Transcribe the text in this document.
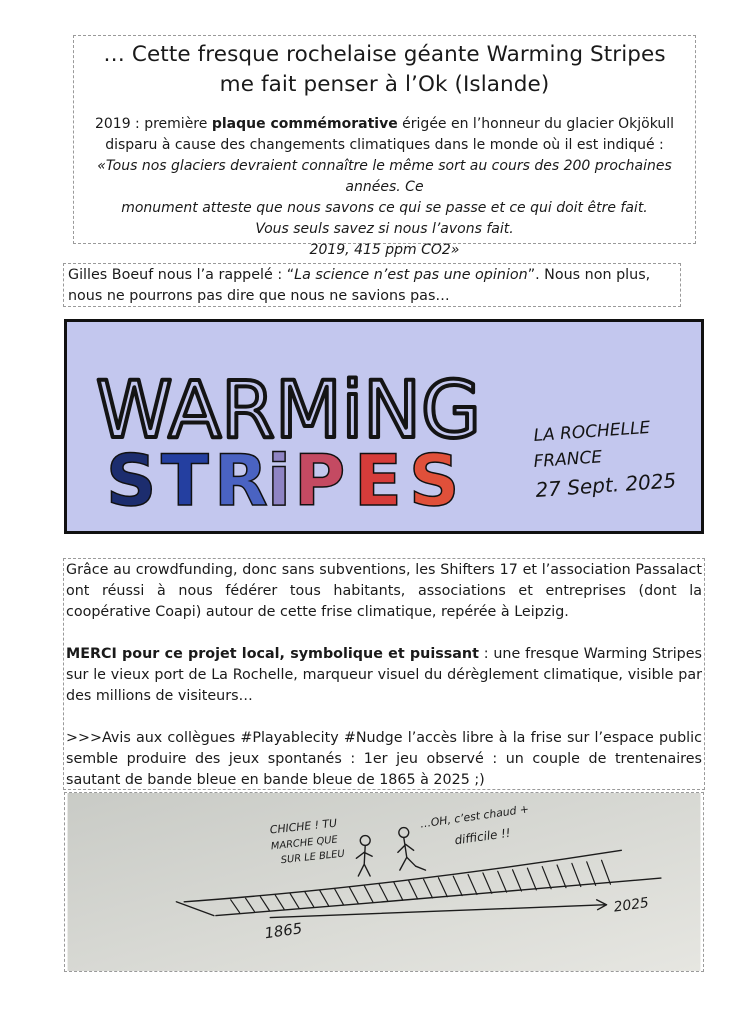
… Cette fresque rochelaise géante Warming Stripes
me fait penser à l’Ok (Islande)
2019 : première plaque commémorative érigée en l’honneur du glacier Okjökull
disparu à cause des changements climatiques dans le monde où il est indiqué :
«Tous nos glaciers devraient connaître le même sort au cours des 200 prochaines années. Ce
monument atteste que nous savons ce qui se passe et ce qui doit être fait.
Vous seuls savez si nous l’avons fait.
2019, 415 ppm CO2»
Gilles Boeuf nous l’a rappelé : “La science n’est pas une opinion”. Nous non plus, nous ne pourrons pas dire que nous ne savions pas…
WARMiNG
S T R i P E S
LA ROCHELLE
FRANCE
27 Sept. 2025

Grâce au crowdfunding, donc sans subventions, les Shifters 17 et l’association Passalact ont réussi à nous fédérer tous habitants, associations et entreprises (dont la coopérative Coapi) autour de cette frise climatique, repérée à Leipzig.

MERCI pour ce projet local, symbolique et puissant : une fresque Warming Stripes sur le vieux port de La Rochelle, marqueur visuel du dérèglement climatique, visible par des millions de visiteurs…

>>>Avis aux collègues #Playablecity #Nudge l’accès libre à la frise sur l’espace public semble produire des jeux spontanés : 1er jeu observé : un couple de trentenaires sautant de bande bleue en bande bleue de 1865 à 2025 ;)

CHICHE ! TU
MARCHE QUE
SUR LE BLEU
…OH, c’est chaud +
difficile !!
1865
2025
